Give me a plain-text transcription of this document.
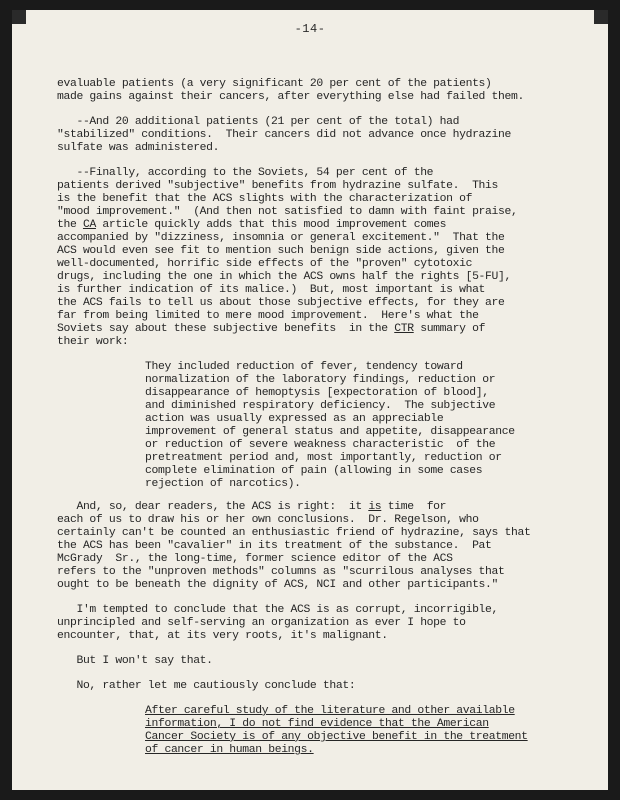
-14-
evaluable patients (a very significant 20 per cent of the patients)
made gains against their cancers, after everything else had failed them.
--And 20 additional patients (21 per cent of the total) had
"stabilized" conditions.  Their cancers did not advance once hydrazine
sulfate was administered.
--Finally, according to the Soviets, 54 per cent of the
patients derived "subjective" benefits from hydrazine sulfate.  This
is the benefit that the ACS slights with the characterization of
"mood improvement."  (And then not satisfied to damn with faint praise,
the CA article quickly adds that this mood improvement comes
accompanied by "dizziness, insomnia or general excitement."  That the
ACS would even see fit to mention such benign side actions, given the
well-documented, horrific side effects of the "proven" cytotoxic
drugs, including the one in which the ACS owns half the rights [5-FU],
is further indication of its malice.)  But, most important is what
the ACS fails to tell us about those subjective effects, for they are
far from being limited to mere mood improvement.  Here's what the
Soviets say about these subjective benefits  in the CTR summary of
their work:
They included reduction of fever, tendency toward
normalization of the laboratory findings, reduction or
disappearance of hemoptysis [expectoration of blood],
and diminished respiratory deficiency.  The subjective
action was usually expressed as an appreciable
improvement of general status and appetite, disappearance
or reduction of severe weakness characteristic  of the
pretreatment period and, most importantly, reduction or
complete elimination of pain (allowing in some cases
rejection of narcotics).
And, so, dear readers, the ACS is right:  it is time  for
each of us to draw his or her own conclusions.  Dr. Regelson, who
certainly can't be counted an enthusiastic friend of hydrazine, says that
the ACS has been "cavalier" in its treatment of the substance.  Pat
McGrady  Sr., the long-time, former science editor of the ACS
refers to the "unproven methods" columns as "scurrilous analyses that
ought to be beneath the dignity of ACS, NCI and other participants."
I'm tempted to conclude that the ACS is as corrupt, incorrigible,
unprincipled and self-serving an organization as ever I hope to
encounter, that, at its very roots, it's malignant.
But I won't say that.
No, rather let me cautiously conclude that:
After careful study of the literature and other available
information, I do not find evidence that the American
Cancer Society is of any objective benefit in the treatment
of cancer in human beings.
